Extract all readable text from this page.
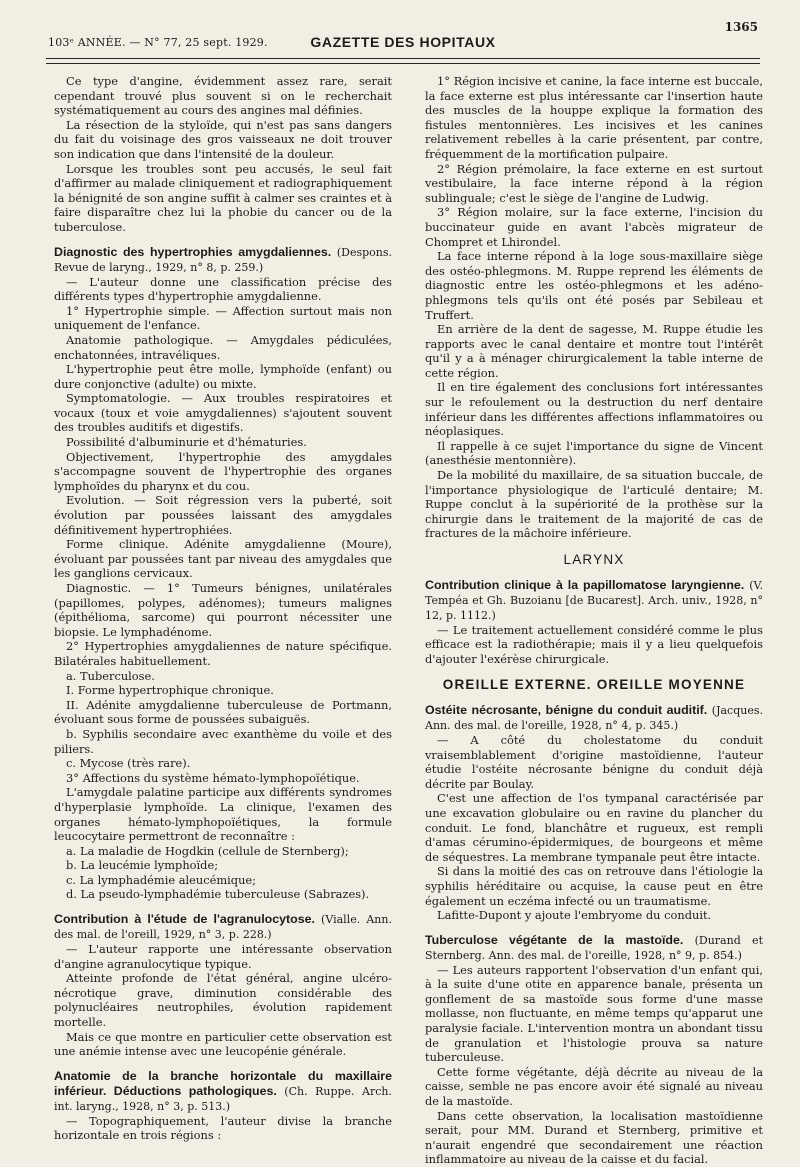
103ᵉ ANNÉE. — N° 77, 25 sept. 1929.	GAZETTE DES HOPITAUX
1365

Ce type d'angine, évidemment assez rare, serait cependant trouvé plus souvent si on le recherchait systématiquement au cours des angines mal définies.

La résection de la styloïde, qui n'est pas sans dangers du fait du voisinage des gros vaisseaux ne doit trouver son indication que dans l'intensité de la douleur.

Lorsque les troubles sont peu accusés, le seul fait d'affirmer au malade cliniquement et radiographiquement la bénignité de son angine suffit à calmer ses craintes et à faire disparaître chez lui la phobie du cancer ou de la tuberculose.

Diagnostic des hypertrophies amygdaliennes. (Despons. Revue de laryng., 1929, n° 8, p. 259.)

— L'auteur donne une classification précise des différents types d'hypertrophie amygdalienne.

1° Hypertrophie simple. — Affection surtout mais non uniquement de l'enfance.

Anatomie pathologique. — Amygdales pédiculées, enchatonnées, intravéliques.

L'hypertrophie peut être molle, lymphoïde (enfant) ou dure conjonctive (adulte) ou mixte.

Symptomatologie. — Aux troubles respiratoires et vocaux (toux et voie amygdaliennes) s'ajoutent souvent des troubles auditifs et digestifs.

Possibilité d'albuminurie et d'hématuries.

Objectivement, l'hypertrophie des amygdales s'accompagne souvent de l'hypertrophie des organes lymphoïdes du pharynx et du cou.

Evolution. — Soit régression vers la puberté, soit évolution par poussées laissant des amygdales définitivement hypertrophiées.

Forme clinique. Adénite amygdalienne (Moure), évoluant par poussées tant par niveau des amygdales que les ganglions cervicaux.

Diagnostic. — 1° Tumeurs bénignes, unilatérales (papillomes, polypes, adénomes); tumeurs malignes (épithélioma, sarcome) qui pourront nécessiter une biopsie. Le lymphadénome.

2° Hypertrophies amygdaliennes de nature spécifique. Bilatérales habituellement.

a. Tuberculose.

I. Forme hypertrophique chronique.

II. Adénite amygdalienne tuberculeuse de Portmann, évoluant sous forme de poussées subaiguës.

b. Syphilis secondaire avec exanthème du voile et des piliers.

c. Mycose (très rare).

3° Affections du système hémato-lymphopoïétique.

L'amygdale palatine participe aux différents syndromes d'hyperplasie lymphoïde. La clinique, l'examen des organes hémato-lymphopoïétiques, la formule leucocytaire permettront de reconnaître :

a. La maladie de Hogdkin (cellule de Sternberg);

b. La leucémie lymphoïde;

c. La lymphadémie aleucémique;

d. La pseudo-lymphadémie tuberculeuse (Sabrazes).

Contribution à l'étude de l'agranulocytose. (Vialle. Ann. des mal. de l'oreill, 1929, n° 3, p. 228.)

— L'auteur rapporte une intéressante observation d'angine agranulocytique typique.

Atteinte profonde de l'état général, angine ulcéro-nécrotique grave, diminution considérable des polynucléaires neutrophiles, évolution rapidement mortelle.

Mais ce que montre en particulier cette observation est une anémie intense avec une leucopénie générale.

Anatomie de la branche horizontale du maxillaire inférieur. Déductions pathologiques. (Ch. Ruppe. Arch. int. laryng., 1928, n° 3, p. 513.)

— Topographiquement, l'auteur divise la branche horizontale en trois régions :

1° Région incisive et canine, la face interne est buccale, la face externe est plus intéressante car l'insertion haute des muscles de la houppe explique la formation des fistules mentonnières. Les incisives et les canines relativement rebelles à la carie présentent, par contre, fréquemment de la mortification pulpaire.

2° Région prémolaire, la face externe en est surtout vestibulaire, la face interne répond à la région sublinguale; c'est le siège de l'angine de Ludwig.

3° Région molaire, sur la face externe, l'incision du buccinateur guide en avant l'abcès migrateur de Chompret et Lhirondel.

La face interne répond à la loge sous-maxillaire siège des ostéo-phlegmons. M. Ruppe reprend les éléments de diagnostic entre les ostéo-phlegmons et les adéno-phlegmons tels qu'ils ont été posés par Sebileau et Truffert.

En arrière de la dent de sagesse, M. Ruppe étudie les rapports avec le canal dentaire et montre tout l'intérêt qu'il y a à ménager chirurgicalement la table interne de cette région.

Il en tire également des conclusions fort intéressantes sur le refoulement ou la destruction du nerf dentaire inférieur dans les différentes affections inflammatoires ou néoplasiques.

Il rappelle à ce sujet l'importance du signe de Vincent (anesthésie mentonnière).

De la mobilité du maxillaire, de sa situation buccale, de l'importance physiologique de l'articulé dentaire; M. Ruppe conclut à la supériorité de la prothèse sur la chirurgie dans le traitement de la majorité de cas de fractures de la mâchoire inférieure.

LARYNX
Contribution clinique à la papillomatose laryngienne. (V. Tempéa et Gh. Buzoianu [de Bucarest]. Arch. univ., 1928, n° 12, p. 1112.)

— Le traitement actuellement considéré comme le plus efficace est la radiothérapie; mais il y a lieu quelquefois d'ajouter l'exérèse chirurgicale.

OREILLE EXTERNE. OREILLE MOYENNE
Ostéite nécrosante, bénigne du conduit auditif. (Jacques. Ann. des mal. de l'oreille, 1928, n° 4, p. 345.)

— A côté du cholestatome du conduit vraisemblablement d'origine mastoïdienne, l'auteur étudie l'ostéite nécrosante bénigne du conduit déjà décrite par Boulay.

C'est une affection de l'os tympanal caractérisée par une excavation globulaire ou en ravine du plancher du conduit. Le fond, blanchâtre et rugueux, est rempli d'amas cérumino-épidermiques, de bourgeons et même de séquestres. La membrane tympanale peut être intacte.

Si dans la moitié des cas on retrouve dans l'étiologie la syphilis héréditaire ou acquise, la cause peut en être également un eczéma infecté ou un traumatisme.

Lafitte-Dupont y ajoute l'embryome du conduit.

Tuberculose végétante de la mastoïde. (Durand et Sternberg. Ann. des mal. de l'oreille, 1928, n° 9, p. 854.)

— Les auteurs rapportent l'observation d'un enfant qui, à la suite d'une otite en apparence banale, présenta un gonflement de sa mastoïde sous forme d'une masse mollasse, non fluctuante, en même temps qu'apparut une paralysie faciale. L'intervention montra un abondant tissu de granulation et l'histologie prouva sa nature tuberculeuse.

Cette forme végétante, déjà décrite au niveau de la caisse, semble ne pas encore avoir été signalé au niveau de la mastoïde.

Dans cette observation, la localisation mastoïdienne serait, pour MM. Durand et Sternberg, primitive et n'aurait engendré que secondairement une réaction inflammatoire au niveau de la caisse et du facial.
